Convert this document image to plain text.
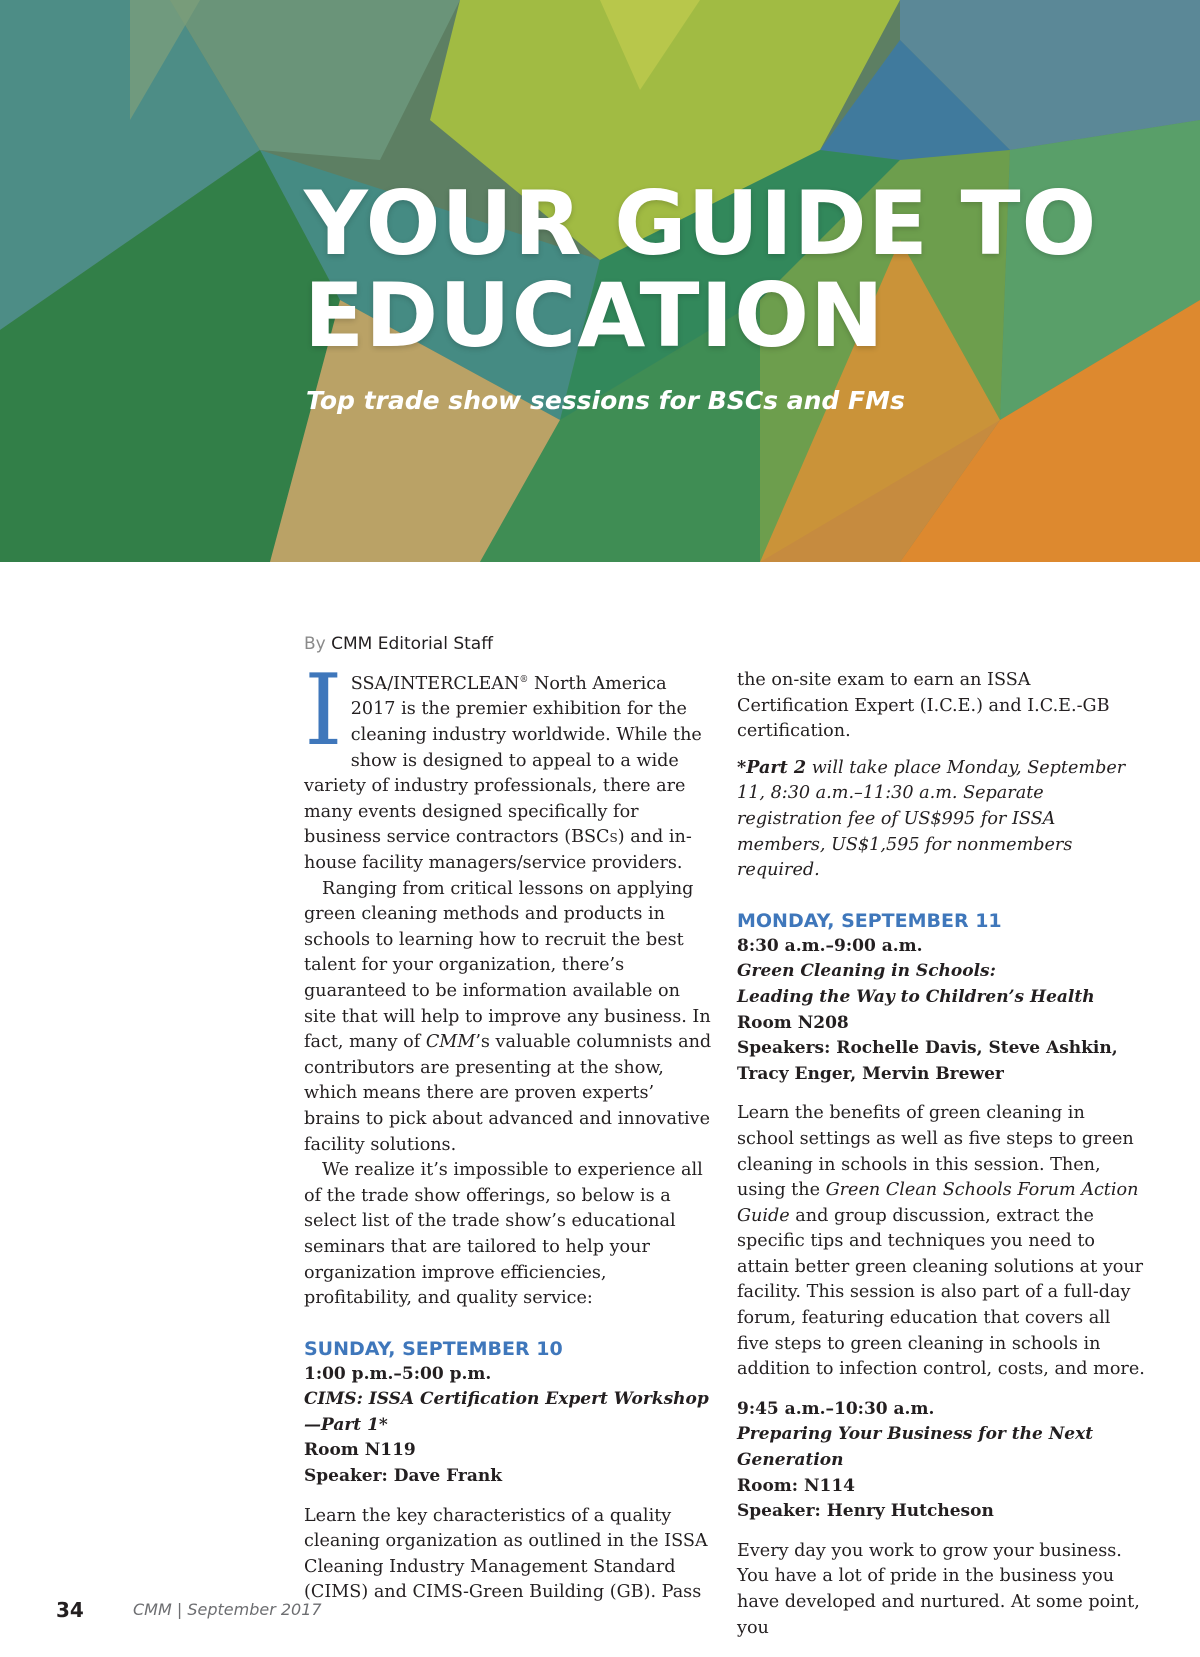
YOUR GUIDE TO
EDUCATION

Top trade show sessions for BSCs and FMs

By CMM Editorial Staff

ISSA/INTERCLEAN® North America 2017 is the premier exhibition for the cleaning industry worldwide. While the show is designed to appeal to a wide variety of industry professionals, there are many events designed specifically for business service contractors (BSCs) and in-house facility managers/service providers.

Ranging from critical lessons on applying green cleaning methods and products in schools to learning how to recruit the best talent for your organization, there’s guaranteed to be information available on site that will help to improve any business. In fact, many of CMM’s valuable columnists and contributors are presenting at the show, which means there are proven experts’ brains to pick about advanced and innovative facility solutions.

We realize it’s impossible to experience all of the trade show offerings, so below is a select list of the trade show’s educational seminars that are tailored to help your organization improve efficiencies, profitability, and quality service:

SUNDAY, SEPTEMBER 10
1:00 p.m.–5:00 p.m.
CIMS: ISSA Certification Expert Workshop—Part 1*
Room N119
Speaker: Dave Frank

Learn the key characteristics of a quality cleaning organization as outlined in the ISSA Cleaning Industry Management Standard (CIMS) and CIMS-Green Building (GB). Pass

the on-site exam to earn an ISSA Certification Expert (I.C.E.) and I.C.E.-GB certification.

*Part 2 will take place Monday, September 11, 8:30 a.m.–11:30 a.m. Separate registration fee of US$995 for ISSA members, US$1,595 for nonmembers required.

MONDAY, SEPTEMBER 11
8:30 a.m.–9:00 a.m.
Green Cleaning in Schools:
Leading the Way to Children’s Health
Room N208
Speakers: Rochelle Davis, Steve Ashkin, Tracy Enger, Mervin Brewer

Learn the benefits of green cleaning in school settings as well as five steps to green cleaning in schools in this session. Then, using the Green Clean Schools Forum Action Guide and group discussion, extract the specific tips and techniques you need to attain better green cleaning solutions at your facility. This session is also part of a full-day forum, featuring education that covers all five steps to green cleaning in schools in addition to infection control, costs, and more.

9:45 a.m.–10:30 a.m.
Preparing Your Business for the Next Generation
Room: N114
Speaker: Henry Hutcheson

Every day you work to grow your business. You have a lot of pride in the business you have developed and nurtured. At some point, you

34	CMM | September 2017
